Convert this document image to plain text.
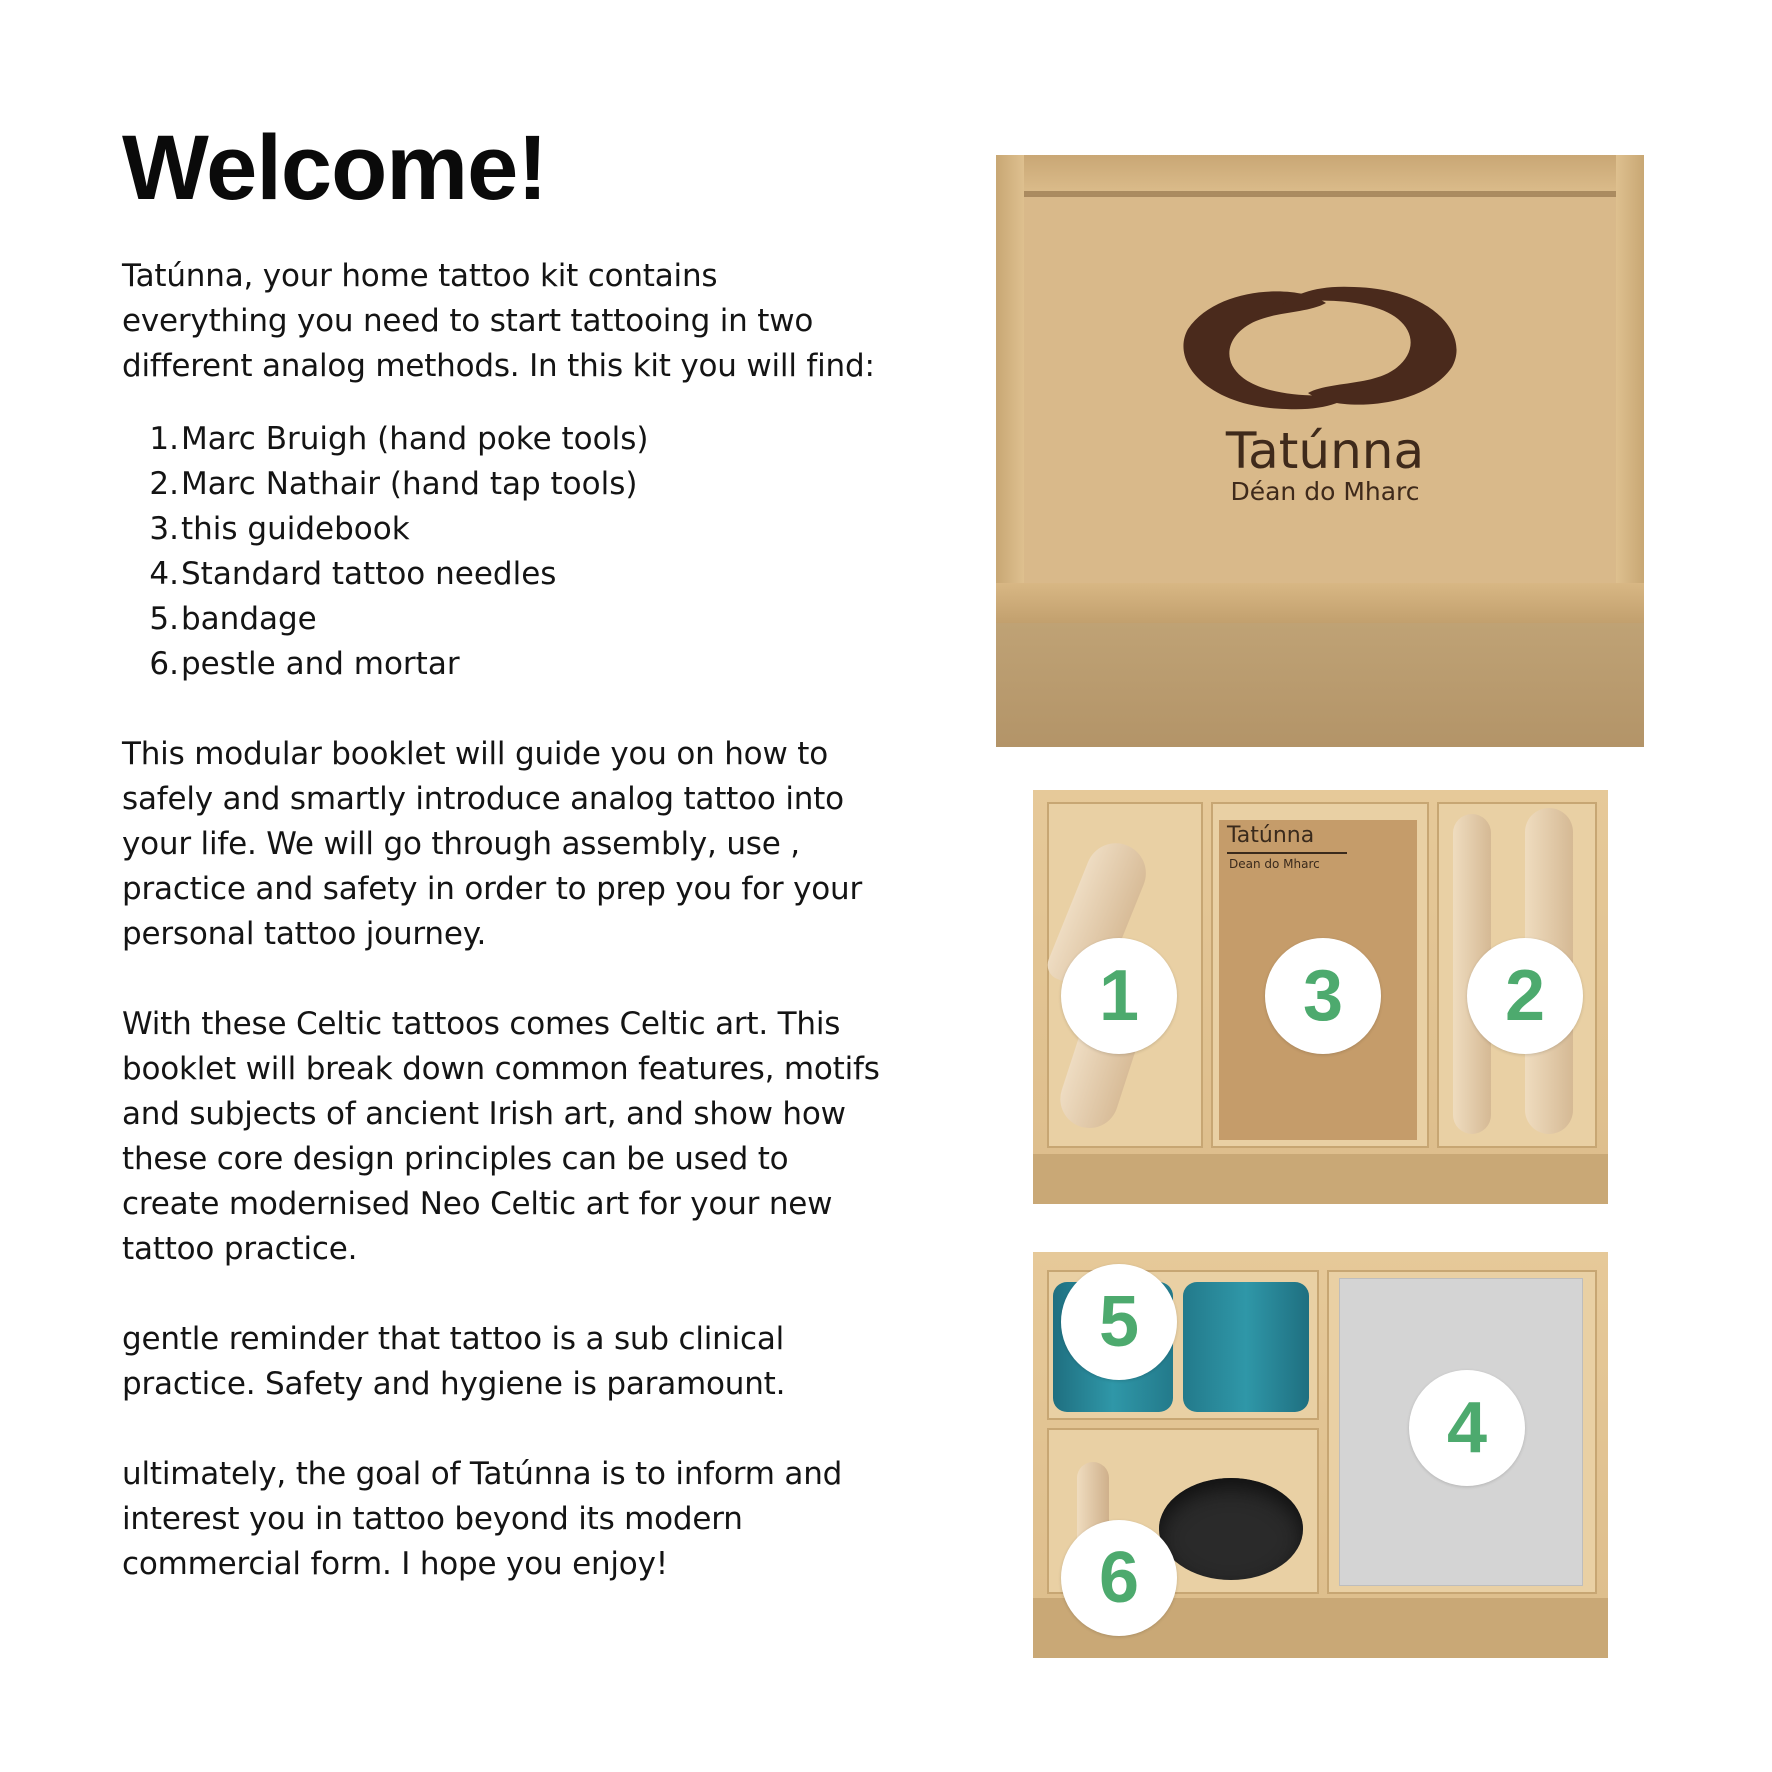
Welcome!

Tatúnna, your home tattoo kit contains everything you need to start tattooing in two different analog methods. In this kit you will find:

1. Marc Bruigh (hand poke tools)
2. Marc Nathair (hand tap tools)
3. this guidebook
4. Standard tattoo needles
5. bandage
6. pestle and mortar

This modular booklet will guide you on how to safely and smartly introduce analog tattoo into your life. We will go through assembly, use , practice and safety in order to prep you for your personal tattoo journey.

With these Celtic tattoos comes Celtic art. This booklet will break down common features, motifs and subjects of ancient Irish art, and show how these core design principles can be used to create modernised Neo Celtic art for your new tattoo practice.

gentle reminder that tattoo is a sub clinical practice. Safety and hygiene is paramount.

ultimately, the goal of Tatúnna is to inform and interest you in tattoo beyond its modern commercial form. I hope you enjoy!

Tatúnna
Déan do Mharc
Tatúnna
Dean do Mharc
1	3	2
5
4
6
